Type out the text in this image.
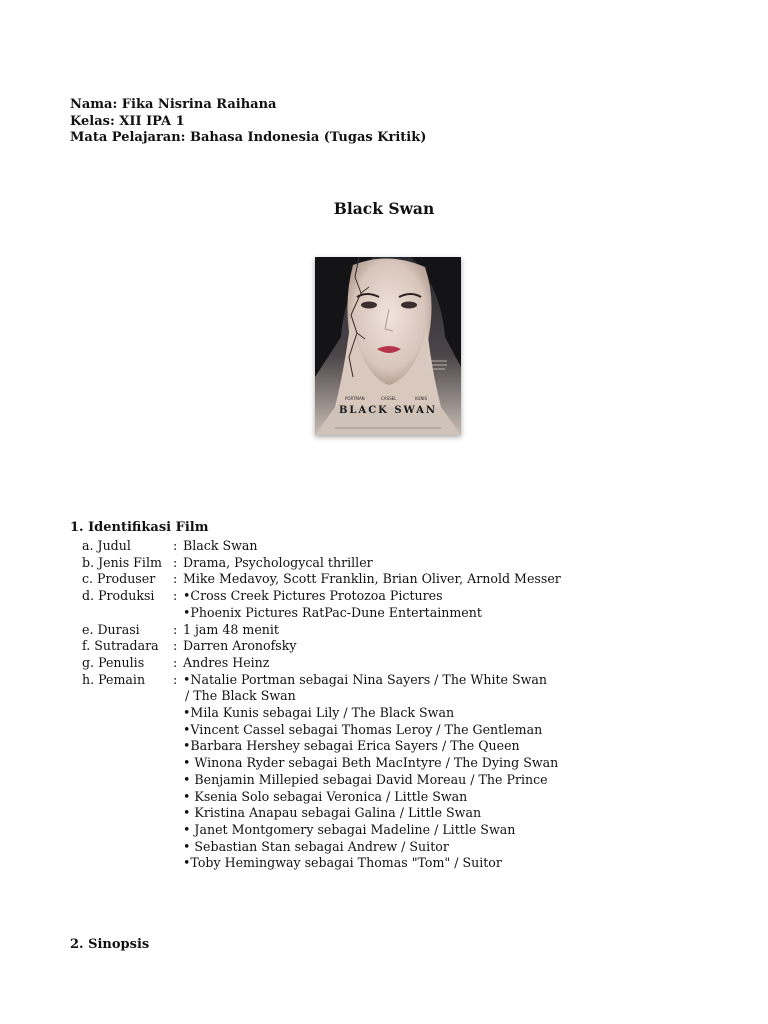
Nama: Fika Nisrina Raihana
Kelas: XII IPA 1
Mata Pelajaran: Bahasa Indonesia (Tugas Kritik)
Black Swan
PORTMAN	CASSEL	KUNIS
BLACK SWAN
1. Identifikasi Film
a. Judul	: Black Swan
b. Jenis Film : Drama, Psychologycal thriller
c. Produser	: Mike Medavoy, Scott Franklin, Brian Oliver, Arnold Messer
d. Produksi	: •Cross Creek Pictures Protozoa Pictures
•Phoenix Pictures RatPac-Dune Entertainment
e. Durasi	: 1 jam 48 menit
f. Sutradara	: Darren Aronofsky
g. Penulis	: Andres Heinz
h. Pemain	: •Natalie Portman sebagai Nina Sayers / The White Swan
/ The Black Swan
•Mila Kunis sebagai Lily / The Black Swan
•Vincent Cassel sebagai Thomas Leroy / The Gentleman
•Barbara Hershey sebagai Erica Sayers / The Queen
• Winona Ryder sebagai Beth MacIntyre / The Dying Swan
• Benjamin Millepied sebagai David Moreau / The Prince
• Ksenia Solo sebagai Veronica / Little Swan
• Kristina Anapau sebagai Galina / Little Swan
• Janet Montgomery sebagai Madeline / Little Swan
• Sebastian Stan sebagai Andrew / Suitor
•Toby Hemingway sebagai Thomas "Tom" / Suitor
2. Sinopsis
